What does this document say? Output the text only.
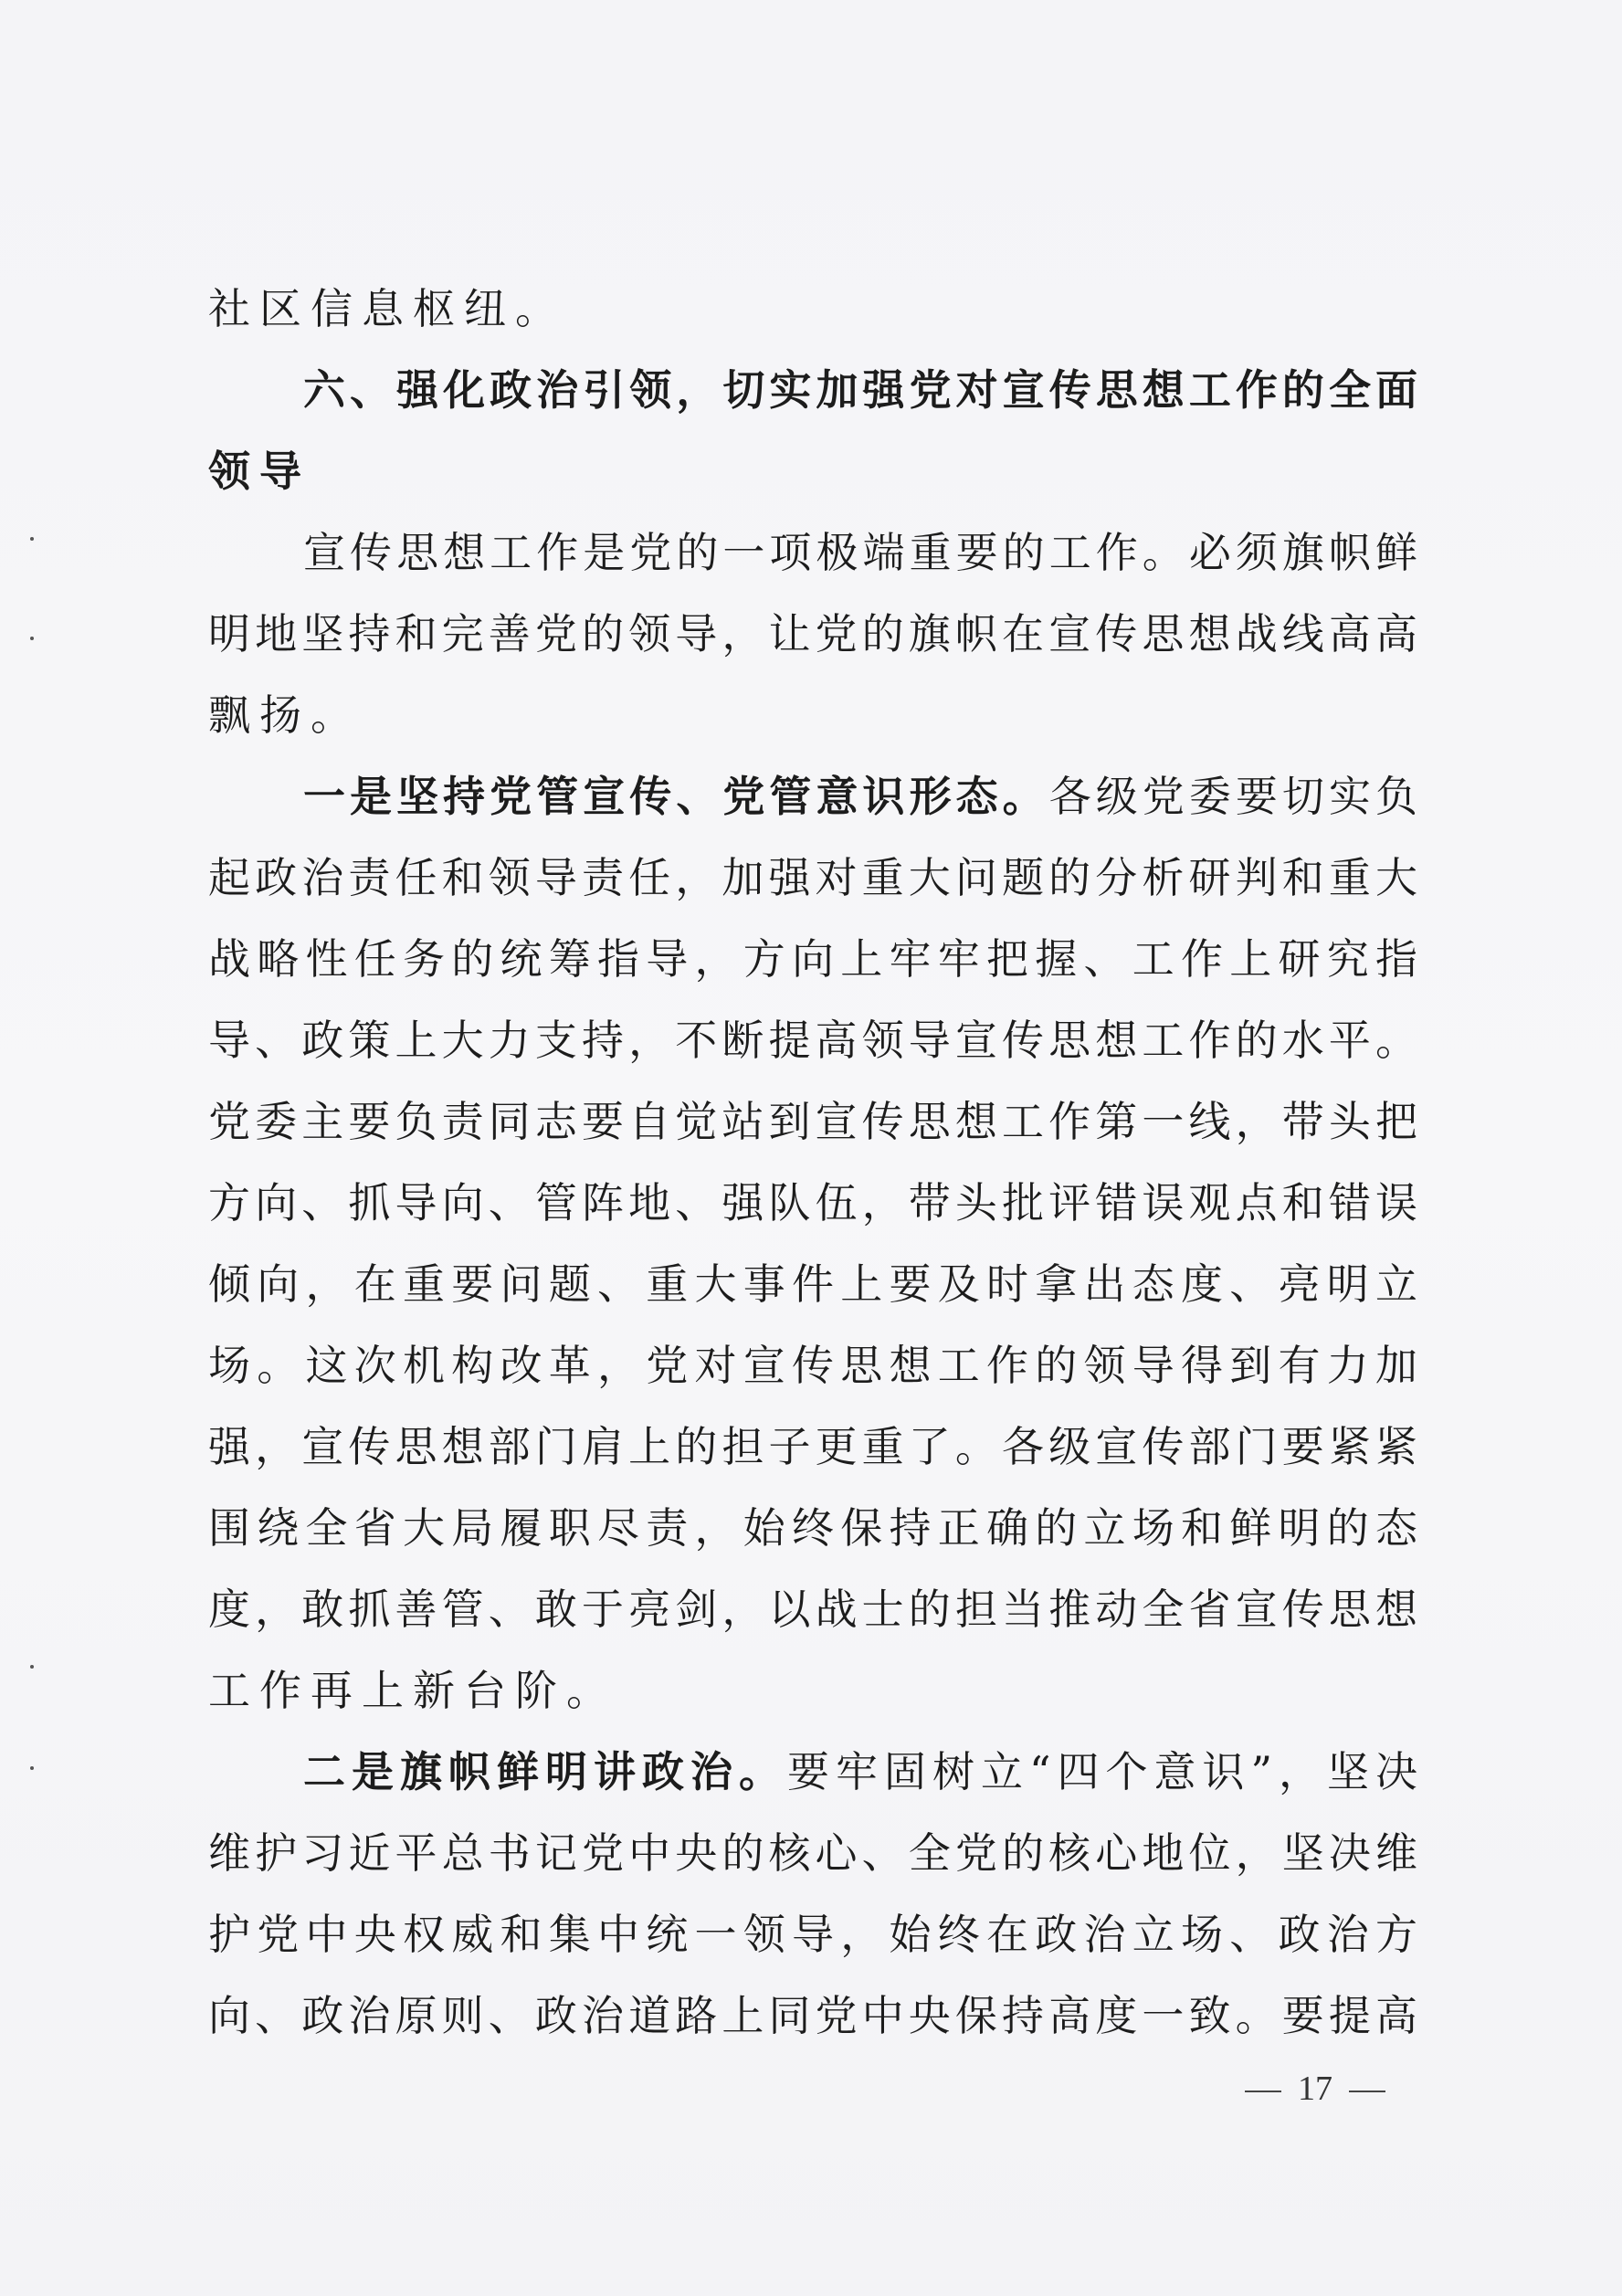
社区信息枢纽。
六、强化政治引领，切实加强党对宣传思想工作的全面
领导
宣传思想工作是党的一项极端重要的工作。必须旗帜鲜
明地坚持和完善党的领导，让党的旗帜在宣传思想战线高高
飘扬。
一是坚持党管宣传、党管意识形态。各级党委要切实负
起政治责任和领导责任，加强对重大问题的分析研判和重大
战略性任务的统筹指导，方向上牢牢把握、工作上研究指
导、政策上大力支持，不断提高领导宣传思想工作的水平。
党委主要负责同志要自觉站到宣传思想工作第一线，带头把
方向、抓导向、管阵地、强队伍，带头批评错误观点和错误
倾向，在重要问题、重大事件上要及时拿出态度、亮明立
场。这次机构改革，党对宣传思想工作的领导得到有力加
强，宣传思想部门肩上的担子更重了。各级宣传部门要紧紧
围绕全省大局履职尽责，始终保持正确的立场和鲜明的态
度，敢抓善管、敢于亮剑，以战士的担当推动全省宣传思想
工作再上新台阶。
二是旗帜鲜明讲政治。要牢固树立“四个意识”，坚决
维护习近平总书记党中央的核心、全党的核心地位，坚决维
护党中央权威和集中统一领导，始终在政治立场、政治方
向、政治原则、政治道路上同党中央保持高度一致。要提高
17
